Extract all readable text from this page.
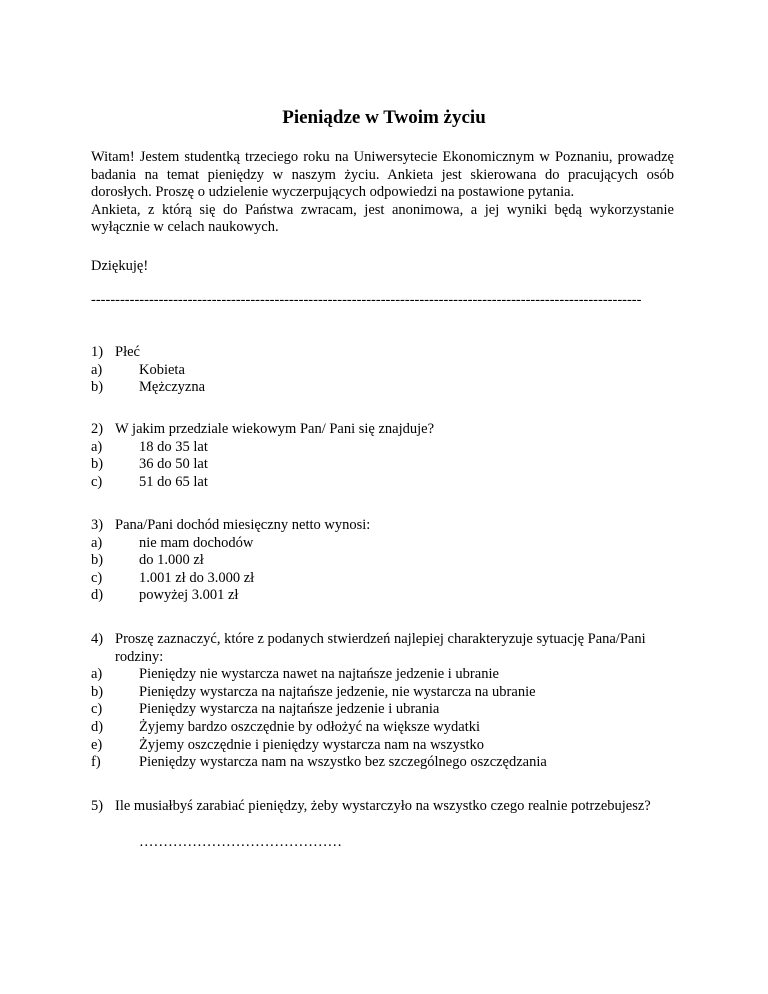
Pieniądze w Twoim życiu

Witam! Jestem studentką trzeciego roku na Uniwersytecie Ekonomicznym w Poznaniu, prowadzę badania na temat pieniędzy w naszym życiu. Ankieta jest skierowana do pracujących osób dorosłych. Proszę o udzielenie wyczerpujących odpowiedzi na postawione pytania.

Ankieta, z którą się do Państwa zwracam, jest anonimowa, a jej wyniki będą wykorzystanie wyłącznie w celach naukowych.

Dziękuję!
------------------------------------------------------------------------------------------------------------------
1) Płeć
a)	Kobieta
b)	Mężczyzna
2) W jakim przedziale wiekowym Pan/ Pani się znajduje?
a)	18 do 35 lat
b)	36 do 50 lat
c)	51 do 65 lat
3) Pana/Pani dochód miesięczny netto wynosi:
a)	nie mam dochodów
b)	do 1.000 zł
c)	1.001 zł do 3.000 zł
d)	powyżej 3.001 zł
4) Proszę zaznaczyć, które z podanych stwierdzeń najlepiej charakteryzuje sytuację Pana/Pani rodziny:
a)	Pieniędzy nie wystarcza nawet na najtańsze jedzenie i ubranie
b)	Pieniędzy wystarcza na najtańsze jedzenie, nie wystarcza na ubranie
c)	Pieniędzy wystarcza na najtańsze jedzenie i ubrania
d)	Żyjemy bardzo oszczędnie by odłożyć na większe wydatki
e)	Żyjemy oszczędnie i pieniędzy wystarcza nam na wszystko
f)	Pieniędzy wystarcza nam na wszystko bez szczególnego oszczędzania
5) Ile musiałbyś zarabiać pieniędzy, żeby wystarczyło na wszystko czego realnie potrzebujesz?
……………………………………
